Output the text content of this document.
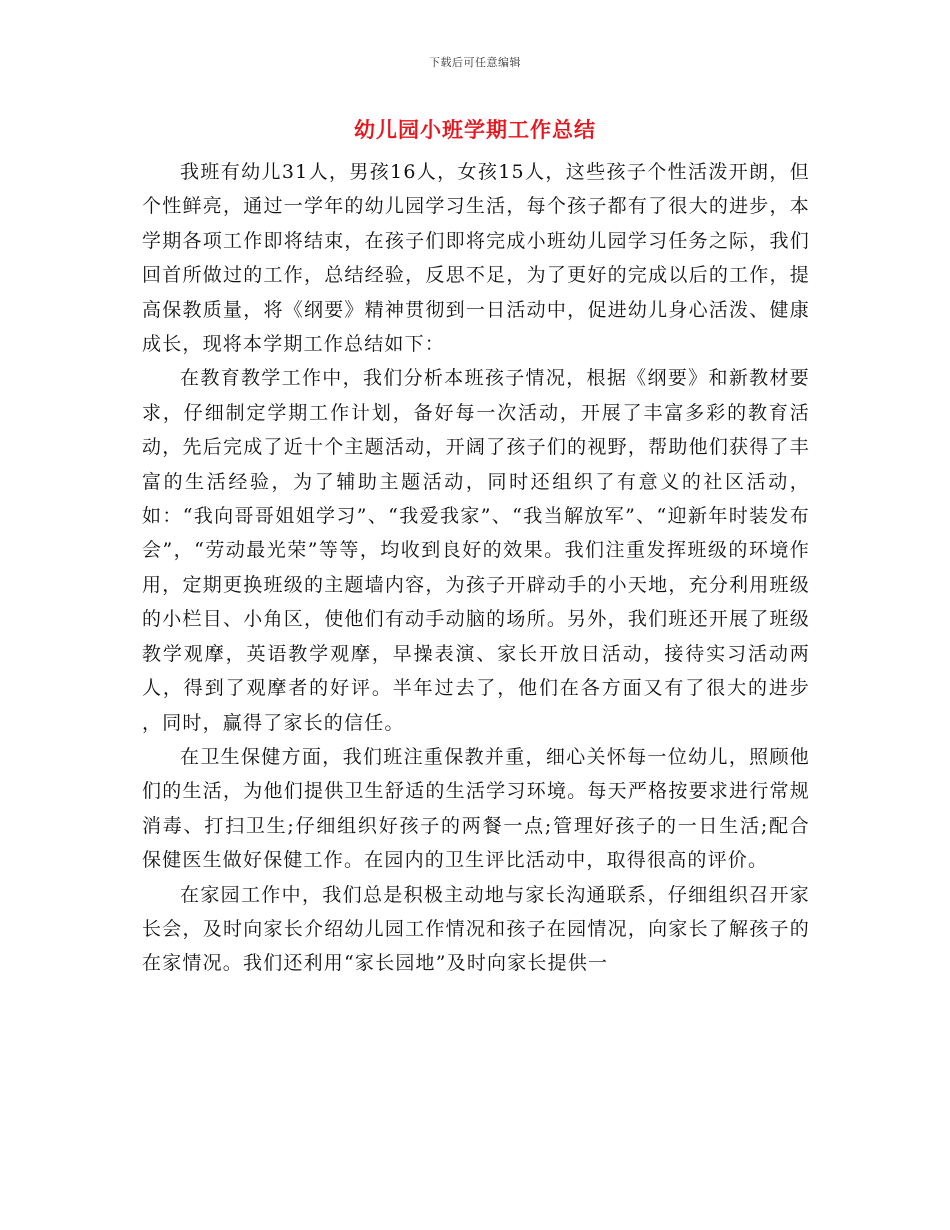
下载后可任意编辑
幼儿园小班学期工作总结

我班有幼儿31人，男孩16人，女孩15人，这些孩子个性活泼开朗，但个性鲜亮，通过一学年的幼儿园学习生活，每个孩子都有了很大的进步，本学期各项工作即将结束，在孩子们即将完成小班幼儿园学习任务之际，我们回首所做过的工作，总结经验，反思不足，为了更好的完成以后的工作，提高保教质量，将《纲要》精神贯彻到一日活动中，促进幼儿身心活泼、健康成长，现将本学期工作总结如下：

在教育教学工作中，我们分析本班孩子情况，根据《纲要》和新教材要求，仔细制定学期工作计划，备好每一次活动，开展了丰富多彩的教育活动，先后完成了近十个主题活动，开阔了孩子们的视野，帮助他们获得了丰富的生活经验，为了辅助主题活动，同时还组织了有意义的社区活动，如：“我向哥哥姐姐学习”、“我爱我家”、“我当解放军”、“迎新年时装发布会”，“劳动最光荣”等等，均收到良好的效果。我们注重发挥班级的环境作用，定期更换班级的主题墙内容，为孩子开辟动手的小天地，充分利用班级的小栏目、小角区，使他们有动手动脑的场所。另外，我们班还开展了班级教学观摩，英语教学观摩，早操表演、家长开放日活动，接待实习活动两人，得到了观摩者的好评。半年过去了，他们在各方面又有了很大的进步 ，同时，赢得了家长的信任。

在卫生保健方面，我们班注重保教并重，细心关怀每一位幼儿，照顾他们的生活，为他们提供卫生舒适的生活学习环境。每天严格按要求进行常规消毒、打扫卫生;仔细组织好孩子的两餐一点;管理好孩子的一日生活;配合保健医生做好保健工作。在园内的卫生评比活动中，取得很高的评价。

在家园工作中，我们总是积极主动地与家长沟通联系，仔细组织召开家长会，及时向家长介绍幼儿园工作情况和孩子在园情况，向家长了解孩子的在家情况。我们还利用“家长园地”及时向家长提供一
